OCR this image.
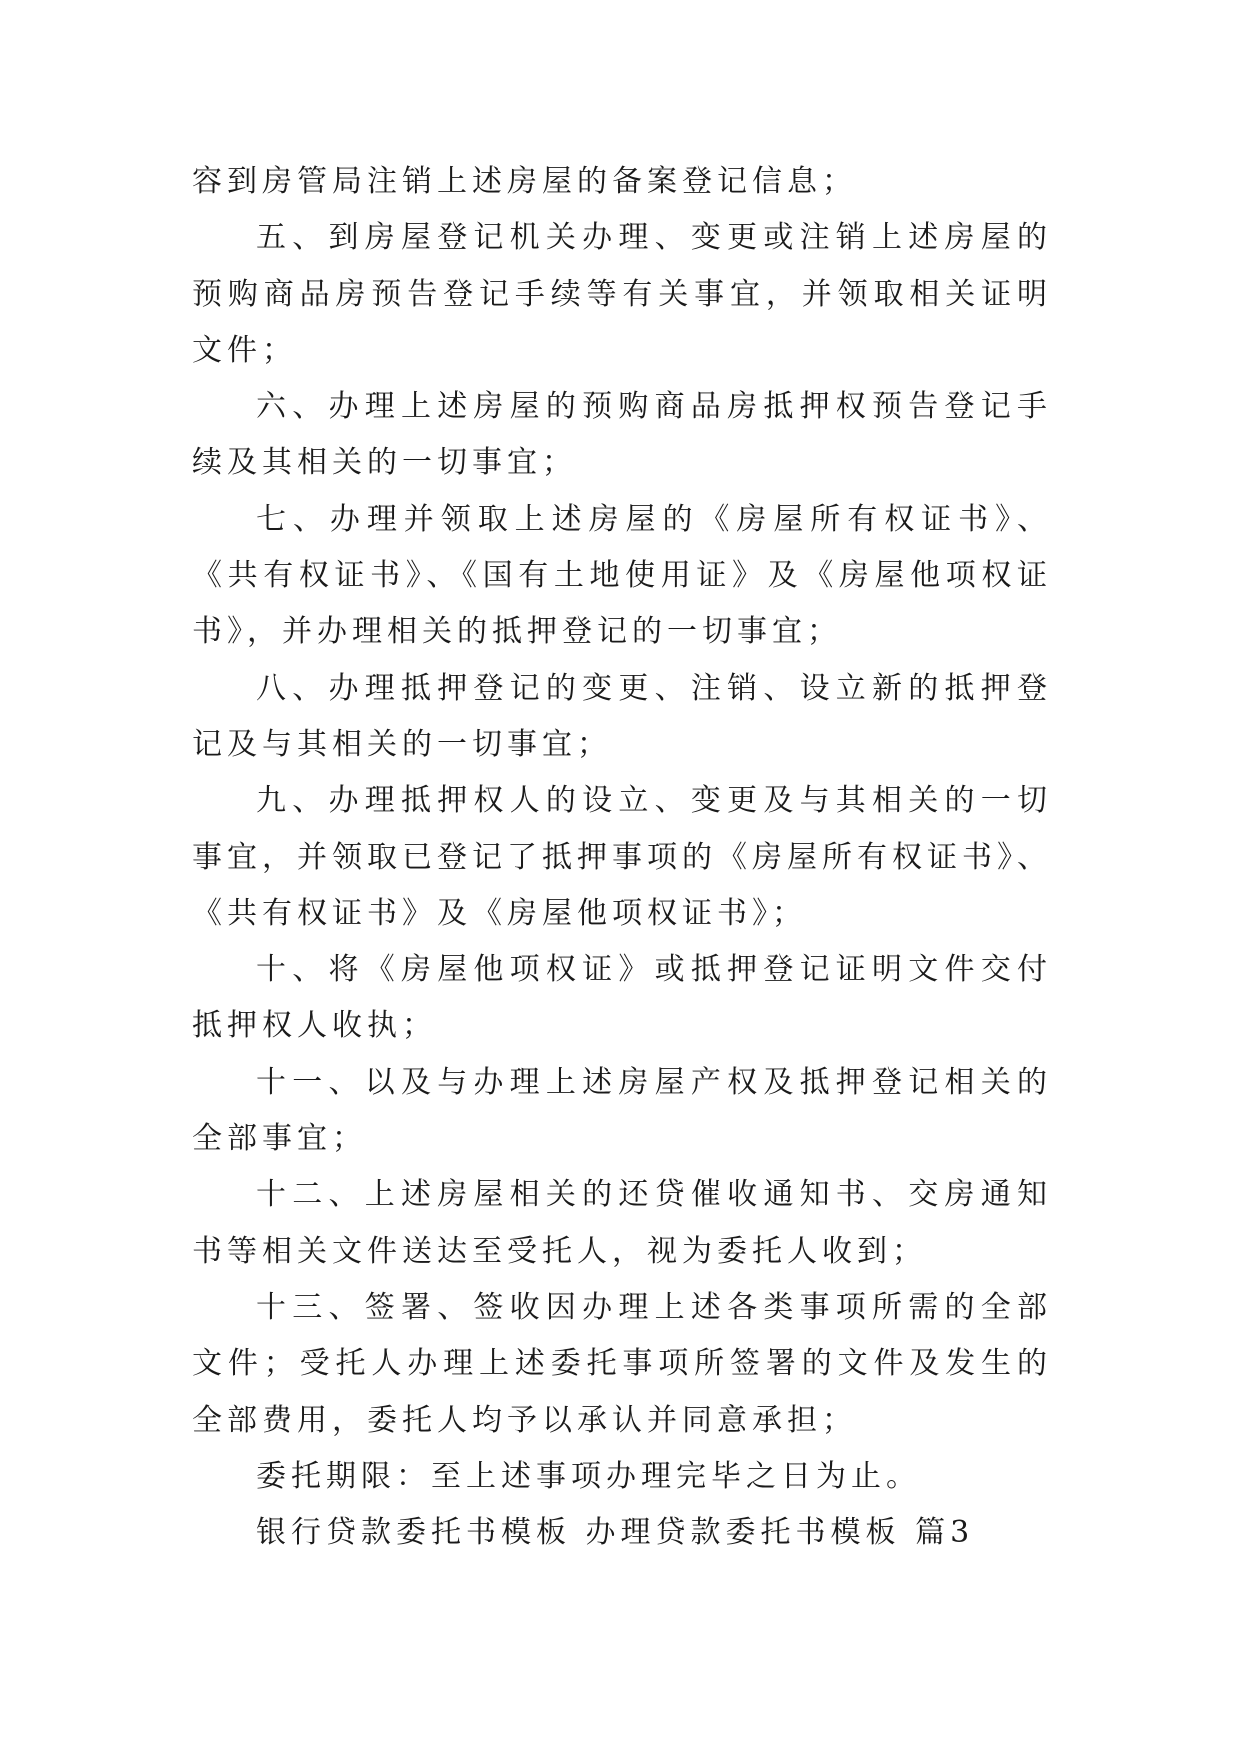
容到房管局注销上述房屋的备案登记信息；

五、到房屋登记机关办理、变更或注销上述房屋的预购商品房预告登记手续等有关事宜，并领取相关证明文件；

六、办理上述房屋的预购商品房抵押权预告登记手续及其相关的一切事宜；

七、办理并领取上述房屋的《房屋所有权证书》、《共有权证书》、《国有土地使用证》及《房屋他项权证书》，并办理相关的抵押登记的一切事宜；

八、办理抵押登记的变更、注销、设立新的抵押登记及与其相关的一切事宜；

九、办理抵押权人的设立、变更及与其相关的一切事宜，并领取已登记了抵押事项的《房屋所有权证书》、《共有权证书》及《房屋他项权证书》；

十、将《房屋他项权证》或抵押登记证明文件交付抵押权人收执；

十一、以及与办理上述房屋产权及抵押登记相关的全部事宜；

十二、上述房屋相关的还贷催收通知书、交房通知书等相关文件送达至受托人，视为委托人收到；

十三、签署、签收因办理上述各类事项所需的全部文件；受托人办理上述委托事项所签署的文件及发生的全部费用，委托人均予以承认并同意承担；

委托期限：至上述事项办理完毕之日为止。

银行贷款委托书模板 办理贷款委托书模板 篇3
